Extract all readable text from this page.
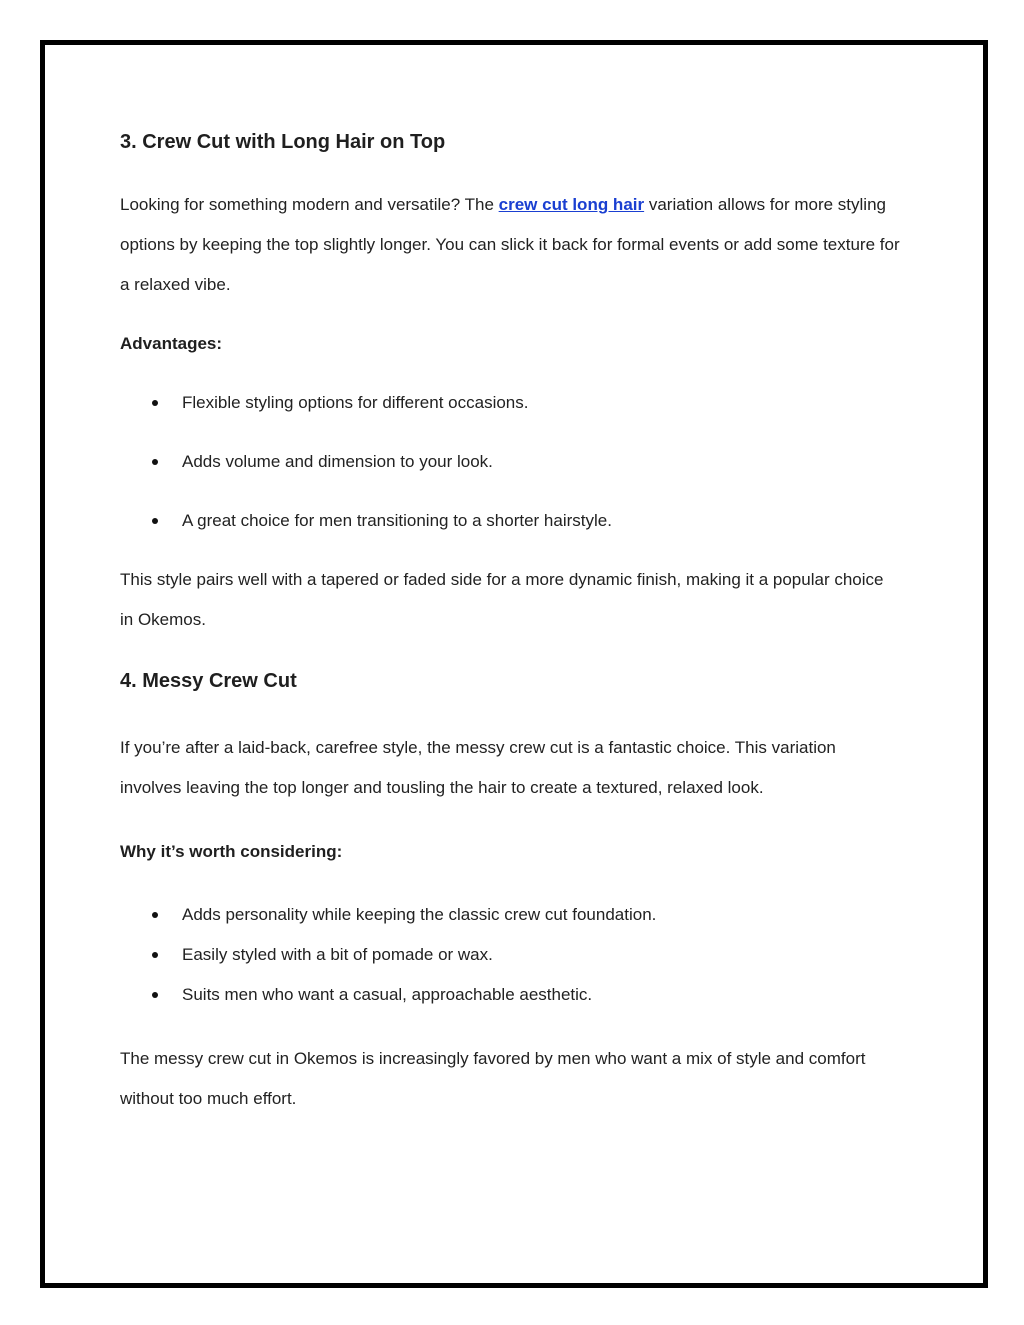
3. Crew Cut with Long Hair on Top

Looking for something modern and versatile? The crew cut long hair variation allows for more styling options by keeping the top slightly longer. You can slick it back for formal events or add some texture for a relaxed vibe.

Advantages:

Flexible styling options for different occasions.
Adds volume and dimension to your look.
A great choice for men transitioning to a shorter hairstyle.

This style pairs well with a tapered or faded side for a more dynamic finish, making it a popular choice in Okemos.

4. Messy Crew Cut

If you’re after a laid-back, carefree style, the messy crew cut is a fantastic choice. This variation involves leaving the top longer and tousling the hair to create a textured, relaxed look.

Why it’s worth considering:

Adds personality while keeping the classic crew cut foundation.
Easily styled with a bit of pomade or wax.
Suits men who want a casual, approachable aesthetic.

The messy crew cut in Okemos is increasingly favored by men who want a mix of style and comfort without too much effort.
